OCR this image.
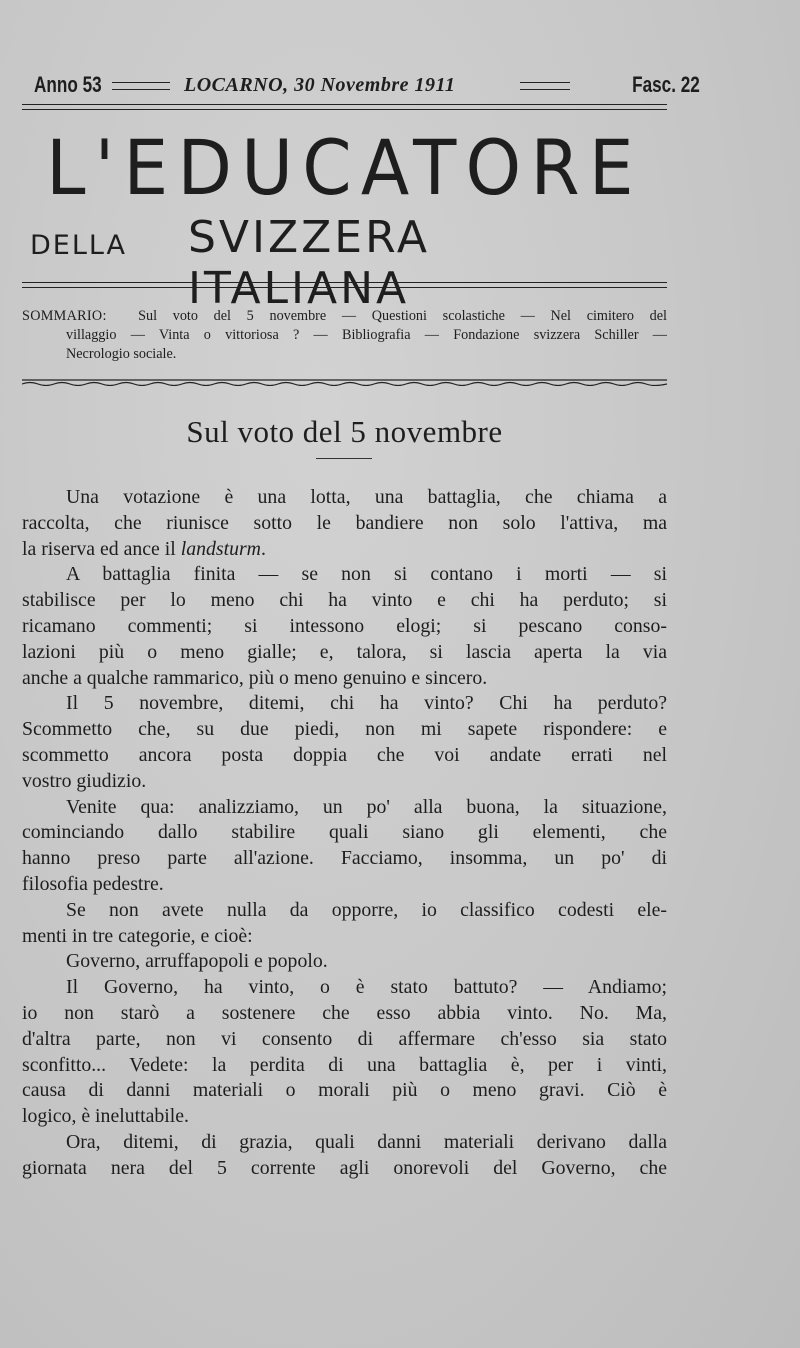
Anno 53	LOCARNO, 30 Novembre 1911	Fasc. 22
L'EDUCATORE
DELLA SVIZZERA ITALIANA
SOMMARIO: Sul voto del 5 novembre — Questioni scolastiche — Nel cimitero del
villaggio — Vinta o vittoriosa ? — Bibliografia — Fondazione svizzera Schiller —
Necrologio sociale.
Sul voto del 5 novembre
Una votazione è una lotta, una battaglia, che chiama a
raccolta, che riunisce sotto le bandiere non solo l'attiva, ma
la riserva ed ance il landsturm.
A battaglia finita — se non si contano i morti — si
stabilisce per lo meno chi ha vinto e chi ha perduto; si
ricamano commenti; si intessono elogi; si pescano conso-
lazioni più o meno gialle; e, talora, si lascia aperta la via
anche a qualche rammarico, più o meno genuino e sincero.
Il 5 novembre, ditemi, chi ha vinto? Chi ha perduto?
Scommetto che, su due piedi, non mi sapete rispondere: e
scommetto ancora posta doppia che voi andate errati nel
vostro giudizio.
Venite qua: analizziamo, un po' alla buona, la situazione,
cominciando dallo stabilire quali siano gli elementi, che
hanno preso parte all'azione. Facciamo, insomma, un po' di
filosofia pedestre.
Se non avete nulla da opporre, io classifico codesti ele-
menti in tre categorie, e cioè:
Governo, arruffapopoli e popolo.
Il Governo, ha vinto, o è stato battuto? — Andiamo;
io non starò a sostenere che esso abbia vinto. No. Ma,
d'altra parte, non vi consento di affermare ch'esso sia stato
sconfitto... Vedete: la perdita di una battaglia è, per i vinti,
causa di danni materiali o morali più o meno gravi. Ciò è
logico, è ineluttabile.
Ora, ditemi, di grazia, quali danni materiali derivano dalla
giornata nera del 5 corrente agli onorevoli del Governo, che
